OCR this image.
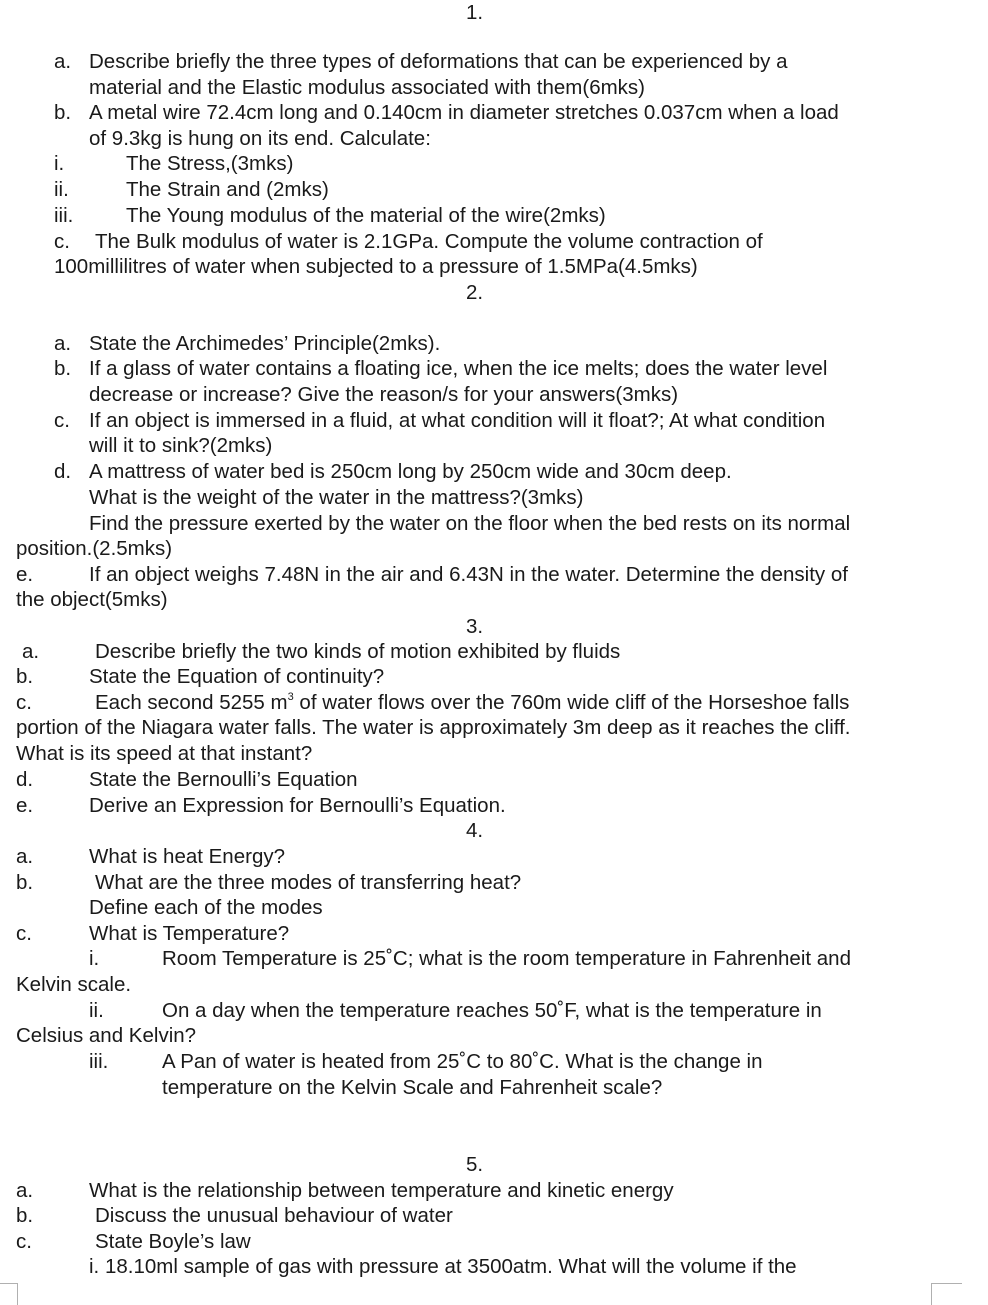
1.
a. Describe briefly the three types of deformations that can be experienced by a
material and the Elastic modulus associated with them(6mks)
b. A metal wire 72.4cm long and 0.140cm in diameter stretches 0.037cm when a load
of 9.3kg is hung on its end. Calculate:
i.	The Stress,(3mks)
ii.	The Strain and (2mks)
iii.	The Young modulus of the material of the wire(2mks)
c. The Bulk modulus of water is 2.1GPa. Compute the volume contraction of
100millilitres of water when subjected to a pressure of 1.5MPa(4.5mks)
2.
a. State the Archimedes’ Principle(2mks).
b. If a glass of water contains a floating ice, when the ice melts; does the water level
decrease or increase? Give the reason/s for your answers(3mks)
c. If an object is immersed in a fluid, at what condition will it float?; At what condition
will it to sink?(2mks)
d. A mattress of water bed is 250cm long by 250cm wide and 30cm deep.
What is the weight of the water in the mattress?(3mks)
Find the pressure exerted by the water on the floor when the bed rests on its normal
position.(2.5mks)
e.	If an object weighs 7.48N in the air and 6.43N in the water. Determine the density of
the object(5mks)
3.
a.	Describe briefly the two kinds of motion exhibited by fluids
b.	State the Equation of continuity?
c.	Each second 5255 $m^3$ of water flows over the 760m wide cliff of the Horseshoe falls
portion of the Niagara water falls. The water is approximately 3m deep as it reaches the cliff.
What is its speed at that instant?
d.	State the Bernoulli’s Equation
e.	Derive an Expression for Bernoulli’s Equation.
4.
a.	What is heat Energy?
b.	What are the three modes of transferring heat?
Define each of the modes
c.	What is Temperature?
i.	Room Temperature is 25˚C; what is the room temperature in Fahrenheit and
Kelvin scale.
ii.	On a day when the temperature reaches 50˚F, what is the temperature in
Celsius and Kelvin?
iii.	A Pan of water is heated from 25˚C to 80˚C. What is the change in
temperature on the Kelvin Scale and Fahrenheit scale?
5.
a.	What is the relationship between temperature and kinetic energy
b.	Discuss the unusual behaviour of water
c.	State Boyle’s law
i. 18.10ml sample of gas with pressure at 3500atm. What will the volume if the
